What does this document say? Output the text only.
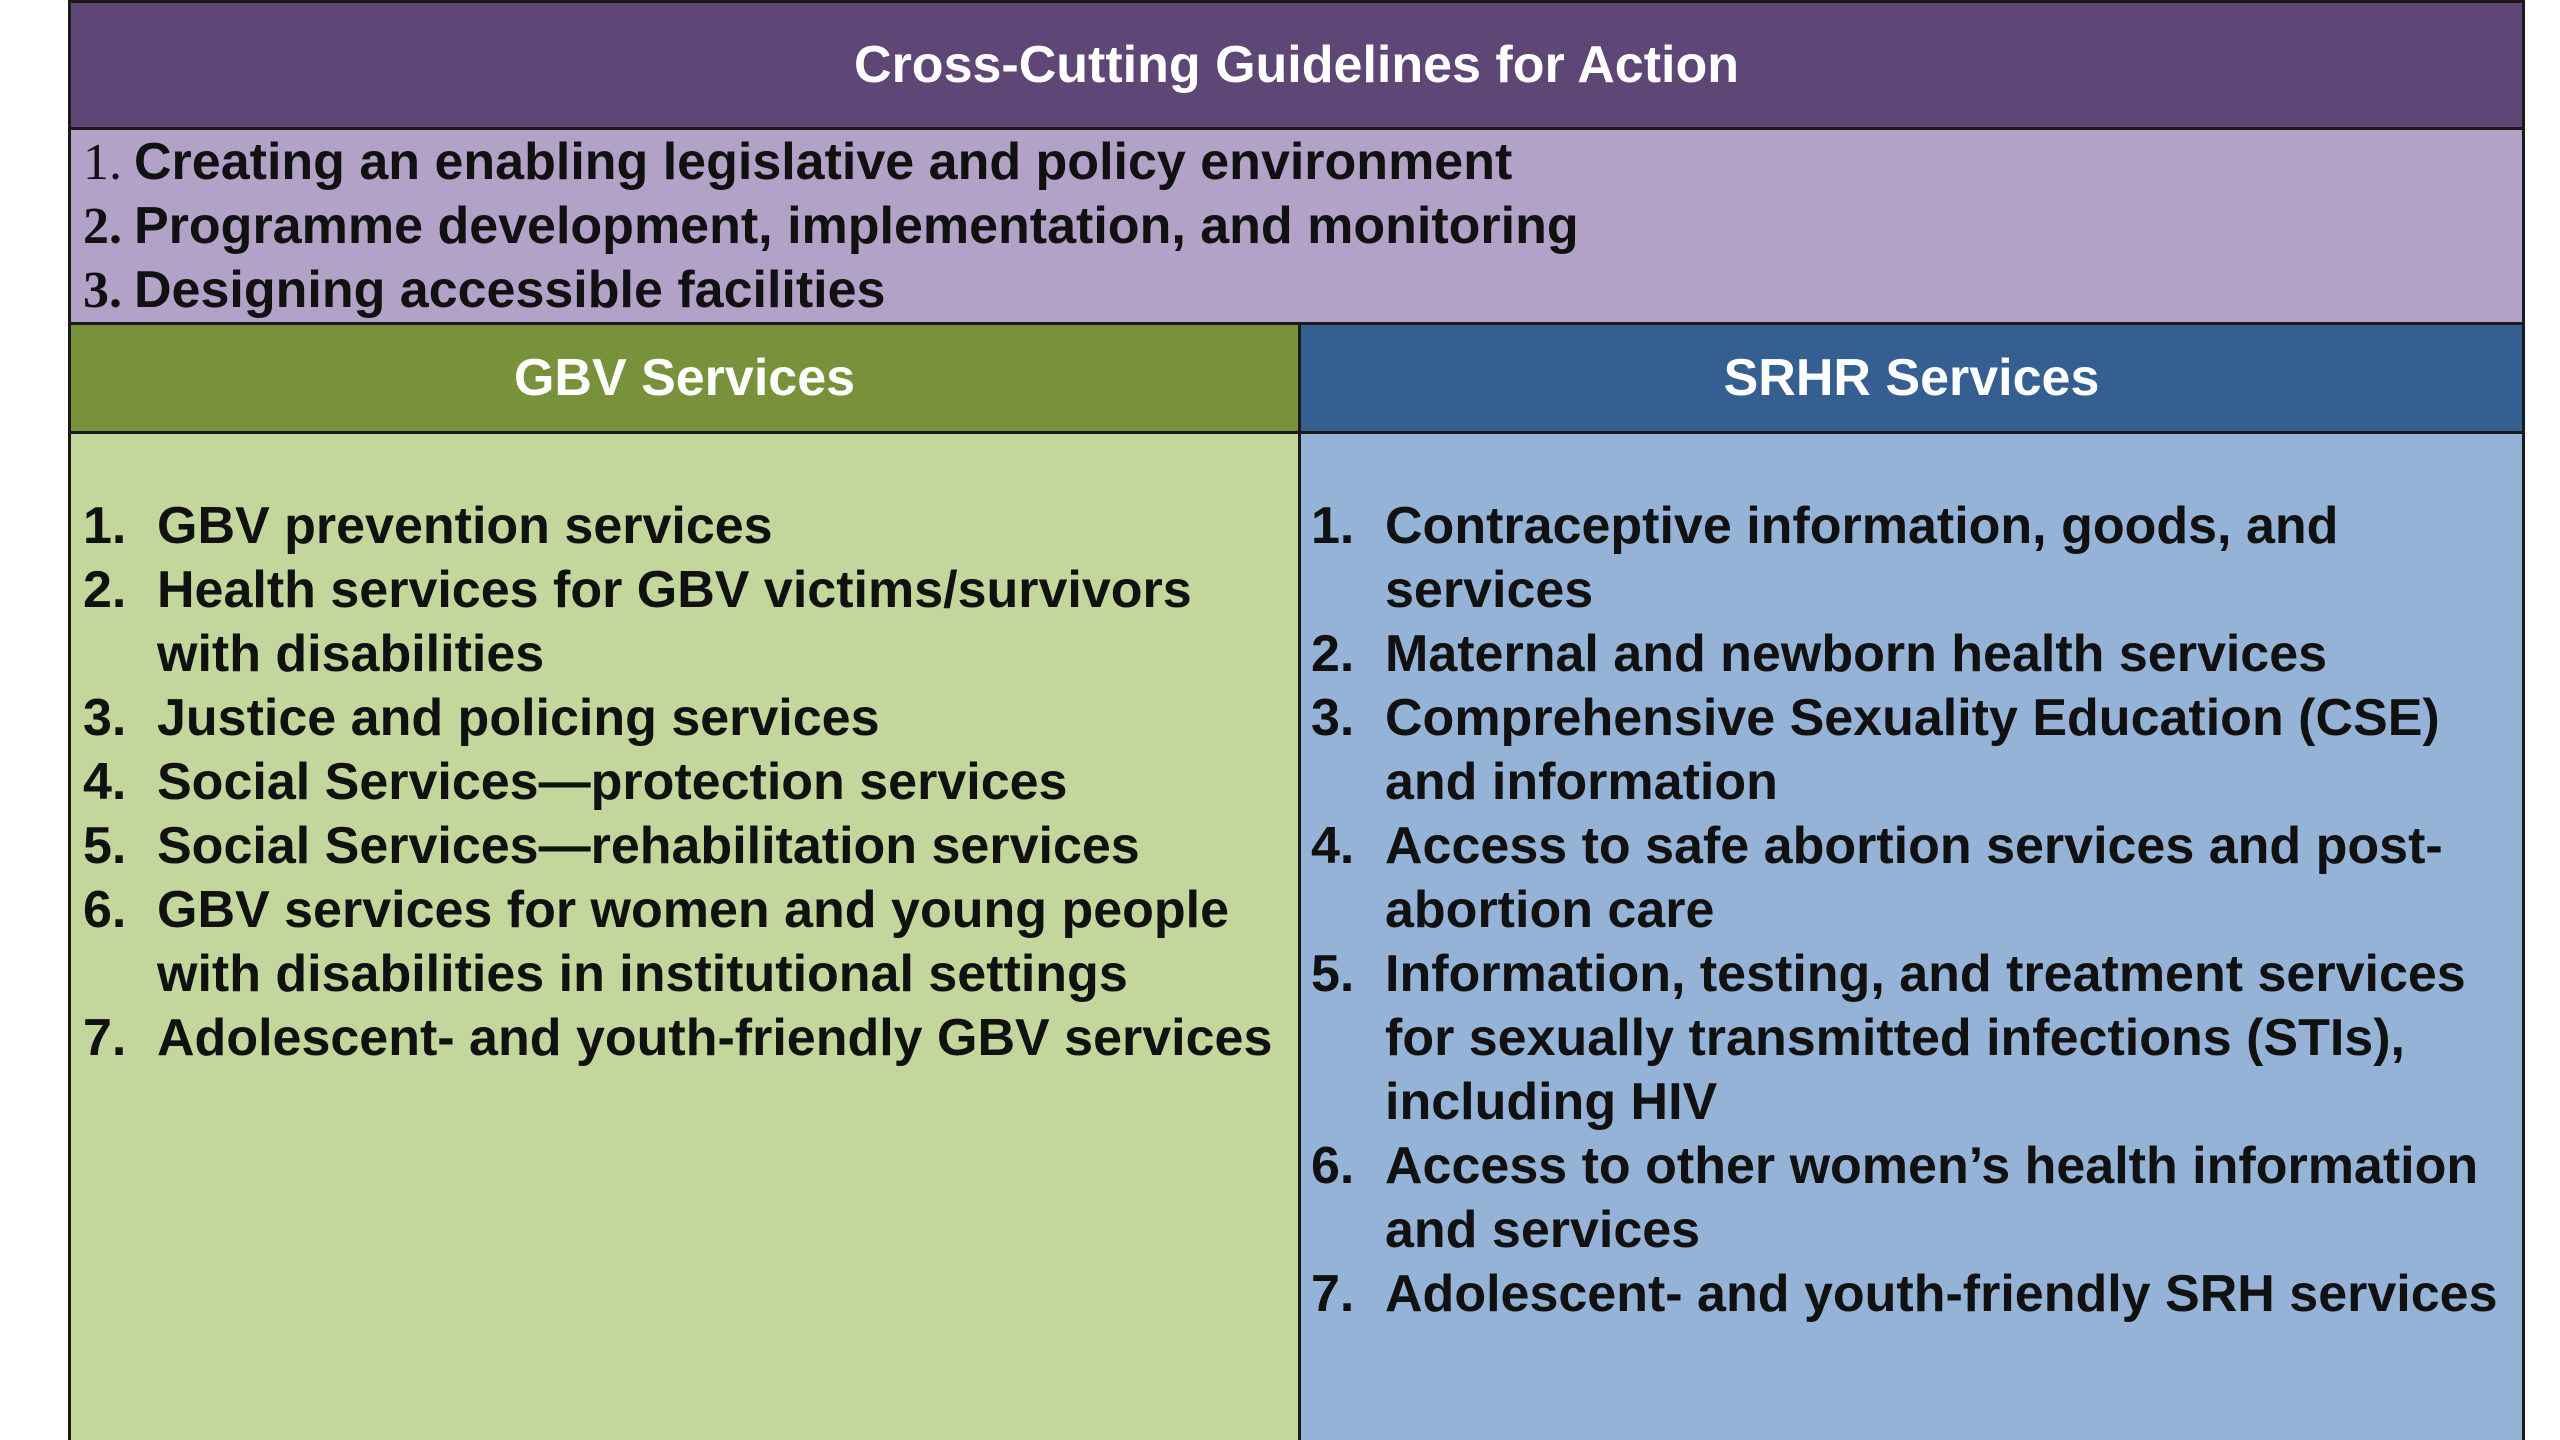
Cross-Cutting Guidelines for Action
1. Creating an enabling legislative and policy environment
2. Programme development, implementation, and monitoring
3. Designing accessible facilities
GBV Services	SRHR Services
1. GBV prevention services
2. Health services for GBV victims/survivors with disabilities
3. Justice and policing services
4. Social Services—protection services
5. Social Services—rehabilitation services
6. GBV services for women and young people with disabilities in institutional settings
7. Adolescent- and youth-friendly GBV services
1. Contraceptive information, goods, and services
2. Maternal and newborn health services
3. Comprehensive Sexuality Education (CSE) and information
4. Access to safe abortion services and post-abortion care
5. Information, testing, and treatment services for sexually transmitted infections (STIs), including HIV
6. Access to other women’s health information and services
7. Adolescent- and youth-friendly SRH services
